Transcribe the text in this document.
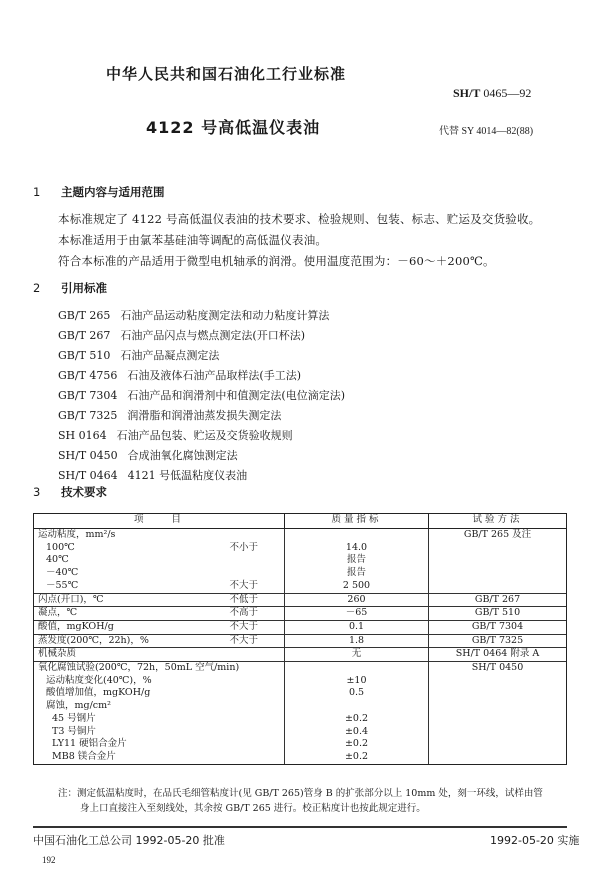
中华人民共和国石油化工行业标准
SH/T 0465—92
4122 号高低温仪表油	代替 SY 4014—82(88)
1 主题内容与适用范围
本标准规定了 4122 号高低温仪表油的技术要求、检验规则、包装、标志、贮运及交货验收。
本标准适用于由氯苯基硅油等调配的高低温仪表油。
符合本标准的产品适用于微型电机轴承的润滑。使用温度范围为：－60～＋200℃。
2 引用标准
GB/T 265 石油产品运动粘度测定法和动力粘度计算法
GB/T 267 石油产品闪点与燃点测定法(开口杯法)
GB/T 510 石油产品凝点测定法
GB/T 4756 石油及液体石油产品取样法(手工法)
GB/T 7304 石油产品和润滑剂中和值测定法(电位滴定法)
GB/T 7325 润滑脂和润滑油蒸发损失测定法
SH 0164 石油产品包装、贮运及交货验收规则
SH/T 0450 合成油氧化腐蚀测定法
SH/T 0464 4121 号低温粘度仪表油
3 技术要求
项　　目	质量指标	试验方法

运动粘度，mm²/s		GB/T 265 及注

100℃ 不小于	14.0	

40℃	报告	

－40℃	报告	

－55℃ 不大于	2 500	

闪点(开口)，℃ 不低于	260	GB/T 267

凝点，℃ 不高于	－65	GB/T 510

酸值，mgKOH/g 不大于	0.1	GB/T 7304

蒸发度(200℃，22h)，% 不大于	1.8	GB/T 7325

机械杂质	无	SH/T 0464 附录 A

氧化腐蚀试验(200℃，72h，50mL 空气/min)		SH/T 0450

运动粘度变化(40℃)，%	±10	

酸值增加值，mgKOH/g	0.5	

腐蚀，mg/cm²		

45 号钢片	±0.2	

T3 号铜片	±0.4	

LY11 硬铝合金片	±0.2	

MB8 镁合金片	±0.2	
注：测定低温粘度时，在品氏毛细管粘度计(见 GB/T 265)管身 B 的扩张部分以上 10mm 处，刻一环线，试样由管
身上口直接注入至刻线处，其余按 GB/T 265 进行。校正粘度计也按此规定进行。
中国石油化工总公司 1992-05-20 批准	1992-05-20 实施
192
